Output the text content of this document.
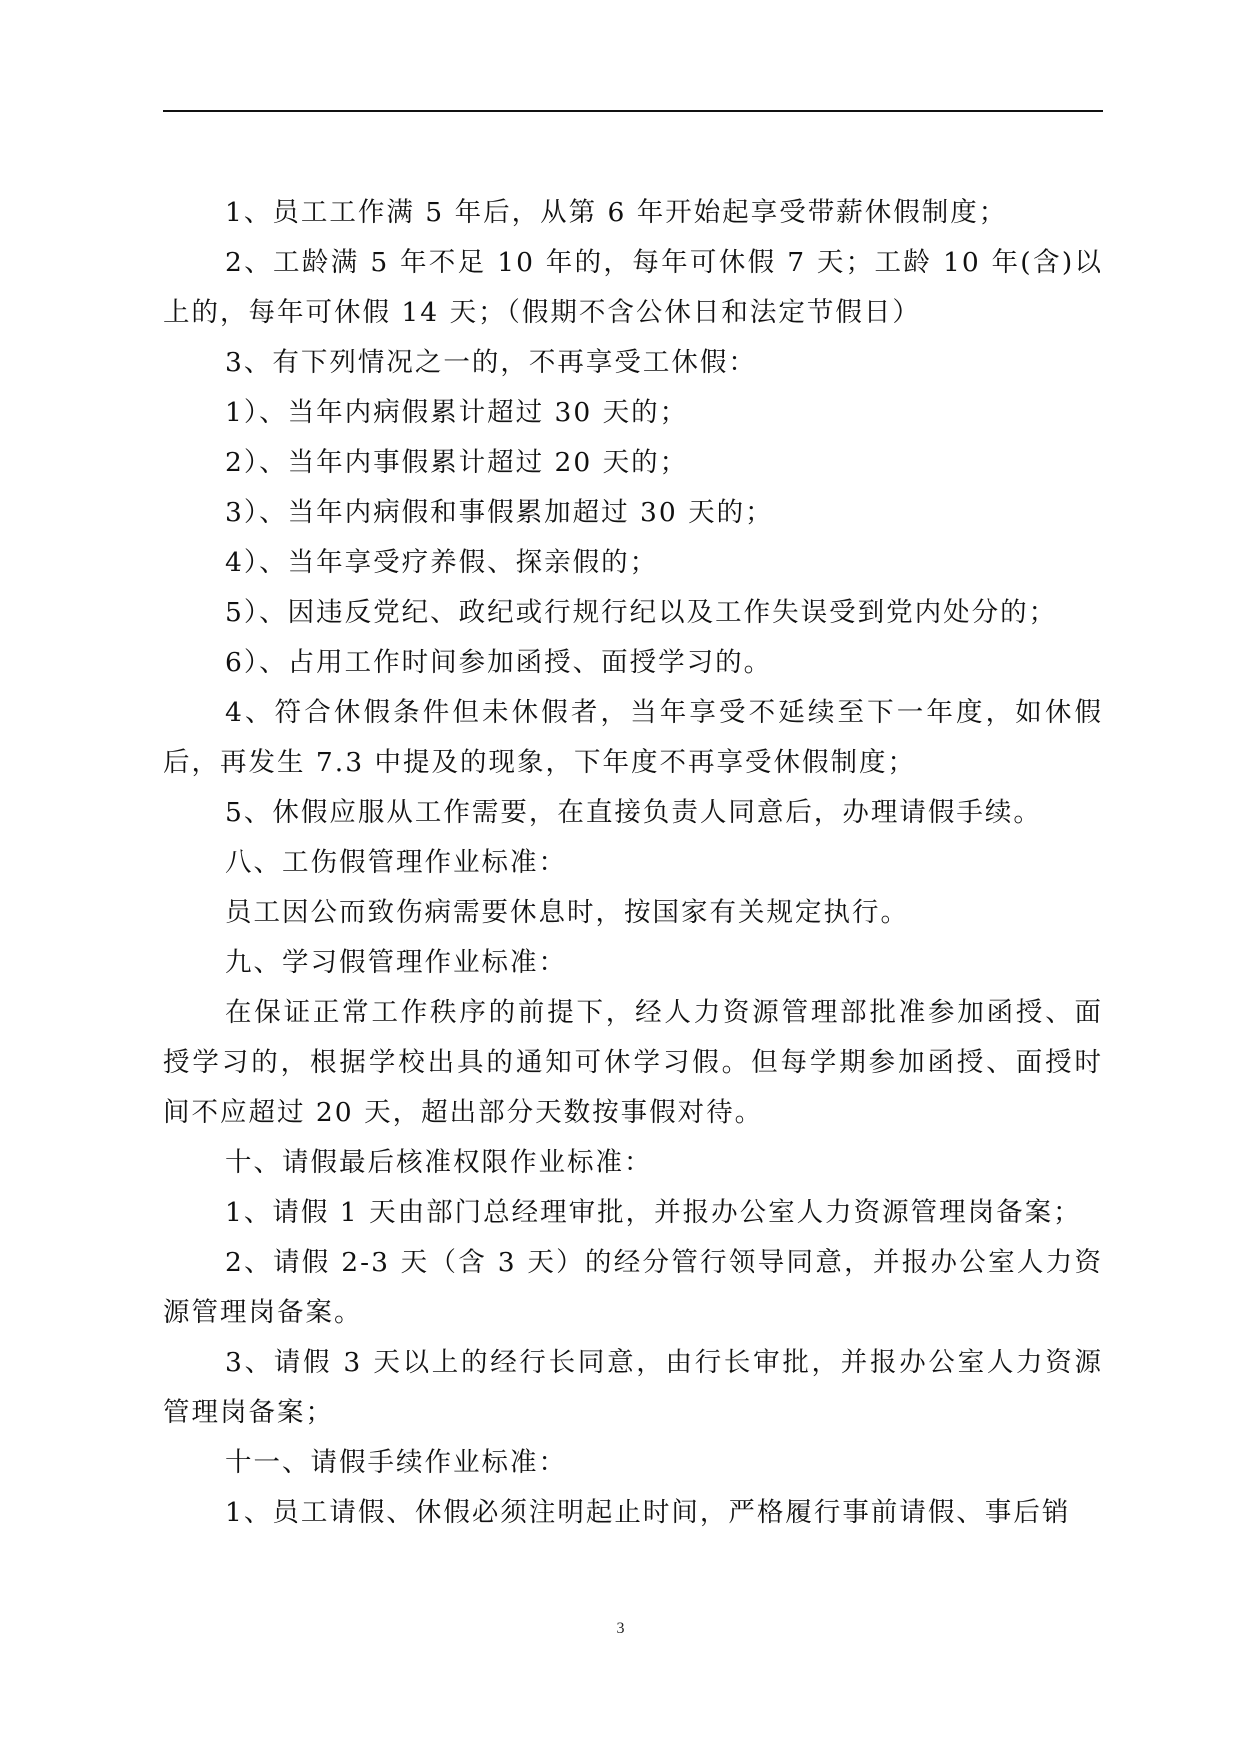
1、员工工作满 5 年后，从第 6 年开始起享受带薪休假制度；

2、工龄满 5 年不足 10 年的，每年可休假 7 天；工龄 10 年(含)以上的，每年可休假 14 天；（假期不含公休日和法定节假日）

3、有下列情况之一的，不再享受工休假：

1）、当年内病假累计超过 30 天的；

2）、当年内事假累计超过 20 天的；

3）、当年内病假和事假累加超过 30 天的；

4）、当年享受疗养假、探亲假的；

5）、因违反党纪、政纪或行规行纪以及工作失误受到党内处分的；

6）、占用工作时间参加函授、面授学习的。

4、符合休假条件但未休假者，当年享受不延续至下一年度，如休假后，再发生 7.3 中提及的现象，下年度不再享受休假制度；

5、休假应服从工作需要，在直接负责人同意后，办理请假手续。

八、工伤假管理作业标准：

员工因公而致伤病需要休息时，按国家有关规定执行。

九、学习假管理作业标准：

在保证正常工作秩序的前提下，经人力资源管理部批准参加函授、面授学习的，根据学校出具的通知可休学习假。但每学期参加函授、面授时间不应超过 20 天，超出部分天数按事假对待。

十、请假最后核准权限作业标准：

1、请假 1 天由部门总经理审批，并报办公室人力资源管理岗备案；

2、请假 2-3 天（含 3 天）的经分管行领导同意，并报办公室人力资源管理岗备案。

3、请假 3 天以上的经行长同意，由行长审批，并报办公室人力资源管理岗备案；

十一、请假手续作业标准：

1、员工请假、休假必须注明起止时间，严格履行事前请假、事后销

3
